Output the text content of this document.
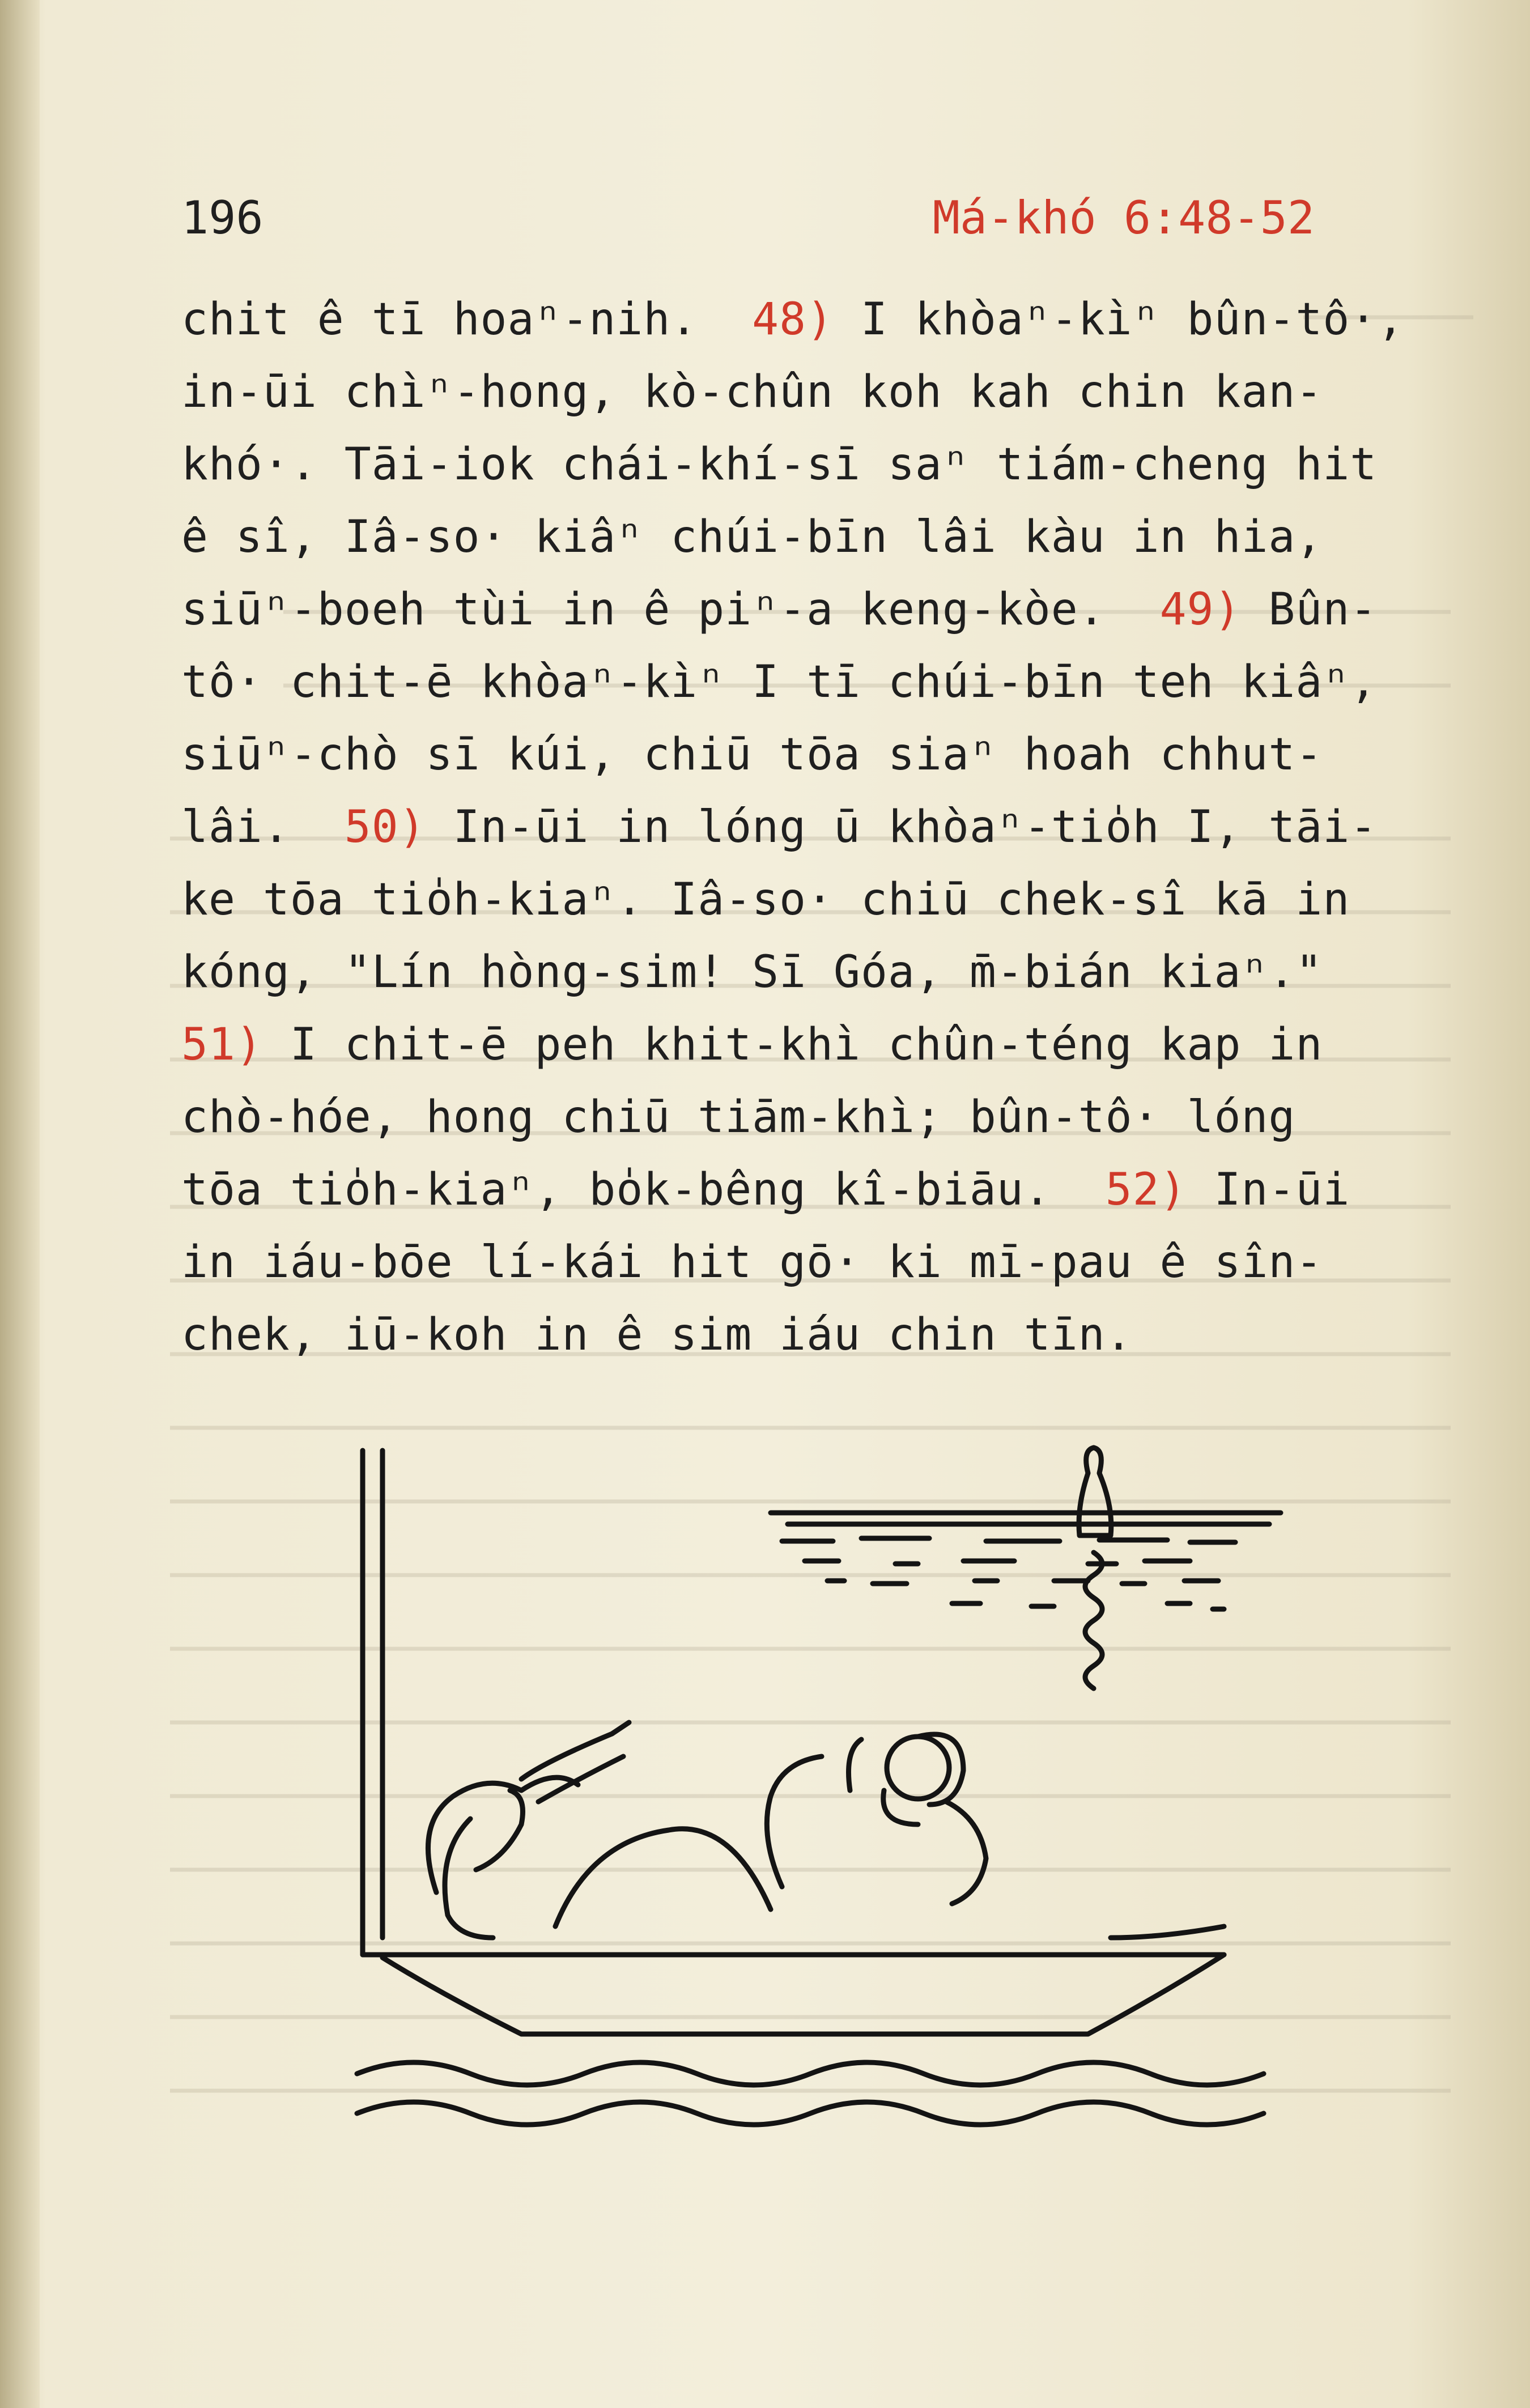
196	Má-khó 6:48-52
chit ê tī hoaⁿ-nih.  48) I khòaⁿ-kìⁿ bûn-tô·,
in-ūi chìⁿ-hong, kò-chûn koh kah chin kan-
khó·. Tāi-iok chái-khí-sī saⁿ tiám-cheng hit
ê sî, Iâ-so· kiâⁿ chúi-bīn lâi kàu in hia,
siūⁿ-boeh tùi in ê piⁿ-a keng-kòe.  49) Bûn-
tô· chit-ē khòaⁿ-kìⁿ I tī chúi-bīn teh kiâⁿ,
siūⁿ-chò sī kúi, chiū tōa siaⁿ hoah chhut-
lâi.  50) In-ūi in lóng ū khòaⁿ-tio̍h I, tāi-
ke tōa tio̍h-kiaⁿ. Iâ-so· chiū chek-sî kā in
kóng, "Lín hòng-sim! Sī Góa, m̄-bián kiaⁿ."
51) I chit-ē peh khit-khì chûn-téng kap in
chò-hóe, hong chiū tiām-khì; bûn-tô· lóng
tōa tio̍h-kiaⁿ, bo̍k-bêng kî-biāu.  52) In-ūi
in iáu-bōe lí-kái hit gō· ki mī-pau ê sîn-
chek, iū-koh in ê sim iáu chin tīn.
